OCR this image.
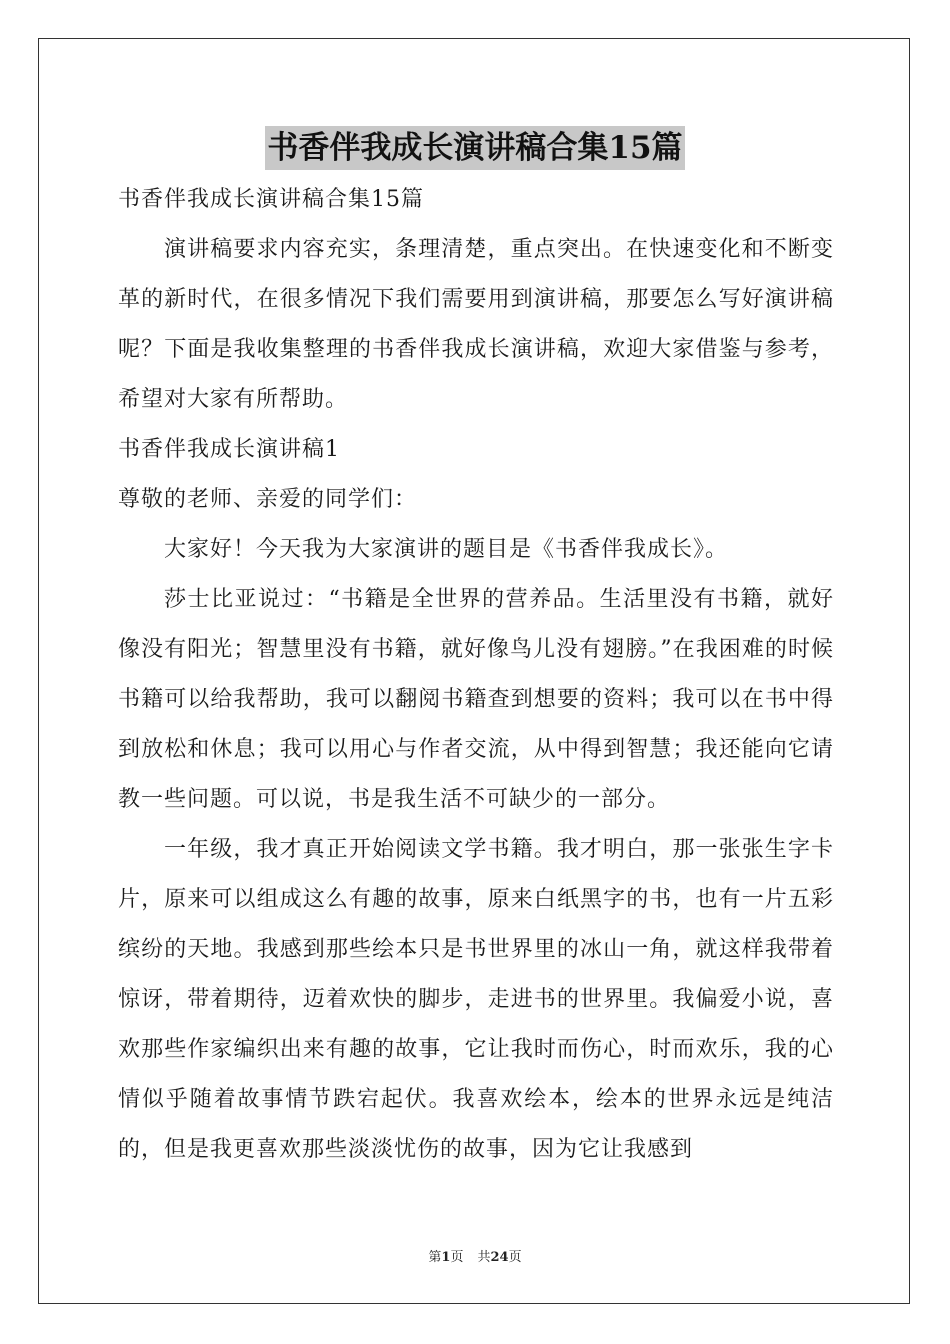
书香伴我成长演讲稿合集15篇

书香伴我成长演讲稿合集15篇

演讲稿要求内容充实，条理清楚，重点突出。在快速变化和不断变革的新时代，在很多情况下我们需要用到演讲稿，那要怎么写好演讲稿呢？下面是我收集整理的书香伴我成长演讲稿，欢迎大家借鉴与参考，希望对大家有所帮助。

书香伴我成长演讲稿1

尊敬的老师、亲爱的同学们：

大家好！今天我为大家演讲的题目是《书香伴我成长》。

莎士比亚说过：“书籍是全世界的营养品。生活里没有书籍，就好像没有阳光；智慧里没有书籍，就好像鸟儿没有翅膀。”在我困难的时候书籍可以给我帮助，我可以翻阅书籍查到想要的资料；我可以在书中得到放松和休息；我可以用心与作者交流，从中得到智慧；我还能向它请教一些问题。可以说，书是我生活不可缺少的一部分。

一年级，我才真正开始阅读文学书籍。我才明白，那一张张生字卡片，原来可以组成这么有趣的故事，原来白纸黑字的书，也有一片五彩缤纷的天地。我感到那些绘本只是书世界里的冰山一角，就这样我带着惊讶，带着期待，迈着欢快的脚步，走进书的世界里。我偏爱小说，喜欢那些作家编织出来有趣的故事，它让我时而伤心，时而欢乐，我的心情似乎随着故事情节跌宕起伏。我喜欢绘本，绘本的世界永远是纯洁的，但是我更喜欢那些淡淡忧伤的故事，因为它让我感到

第1页 共24页
